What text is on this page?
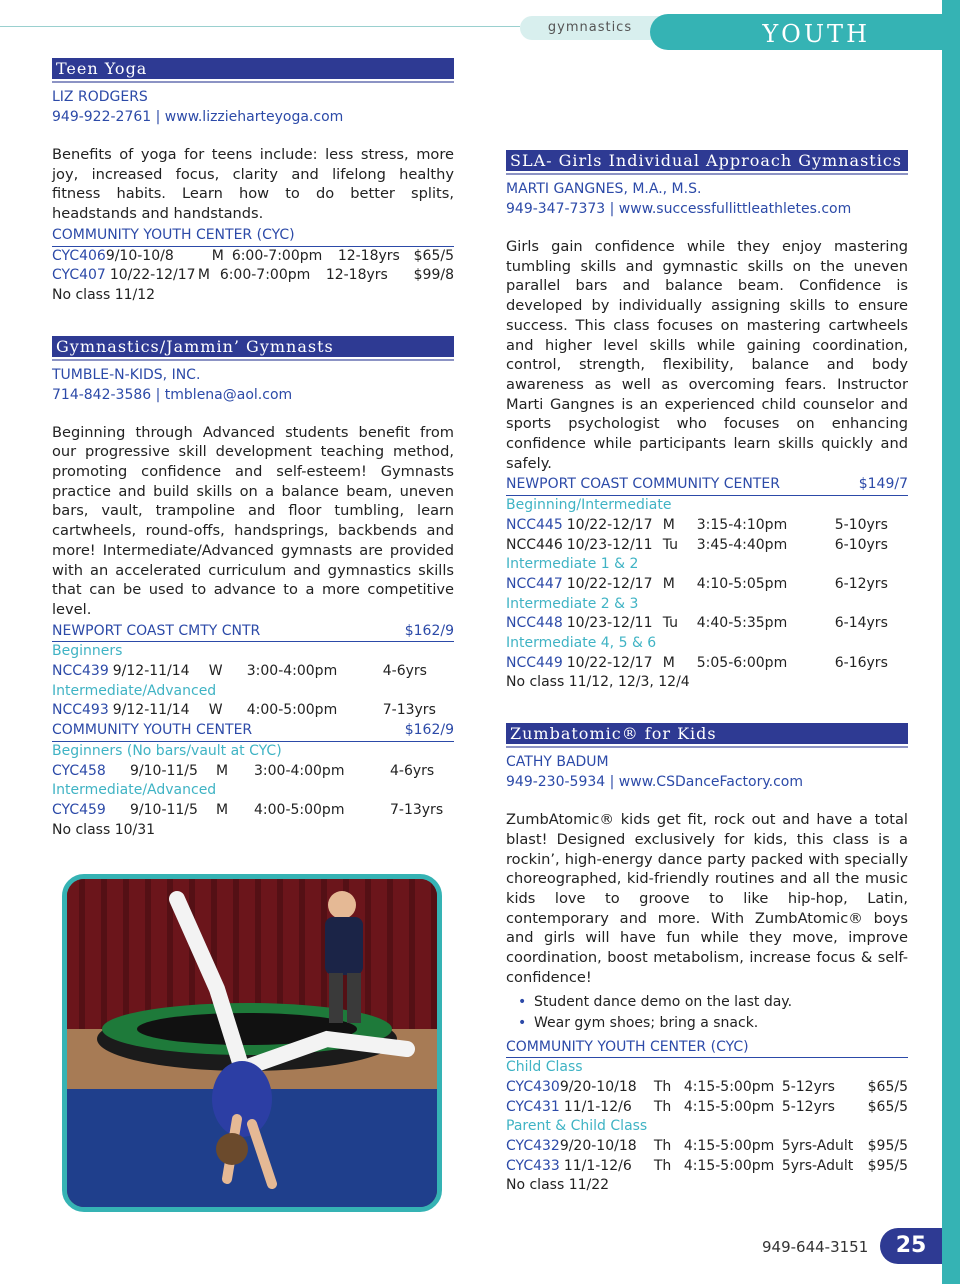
gymnastics	YOUTH
Teen Yoga
LIZ RODGERS
949-922-2761 | www.lizzieharteyoga.com
Benefits of yoga for teens include: less stress, more joy, increased focus, clarity and lifelong healthy fitness habits. Learn how to do better splits, headstands and handstands.
COMMUNITY YOUTH CENTER (CYC)
CYC406 9/10-10/8	M 6:00-7:00pm	12-18yrs $65/5
CYC407 10/22-12/17 M 6:00-7:00pm	12-18yrs	$99/8
No class 11/12
Gymnastics/Jammin’ Gymnasts
TUMBLE-N-KIDS, INC.
714-842-3586 | tmblena@aol.com
Beginning through Advanced students benefit from our progressive skill development teaching method, promoting confidence and self-esteem! Gymnasts practice and build skills on a balance beam, uneven bars, vault, trampoline and floor tumbling, learn cartwheels, round-offs, handsprings, backbends and more! Intermediate/Advanced gymnasts are provided with an accelerated curriculum and gymnastics skills that can be used to advance to a more competitive level.
NEWPORT COAST CMTY CNTR	$162/9
Beginners
NCC439 9/12-11/14	W	3:00-4:00pm	4-6yrs
Intermediate/Advanced
NCC493 9/12-11/14	W	4:00-5:00pm	7-13yrs
COMMUNITY YOUTH CENTER	$162/9
Beginners (No bars/vault at CYC)
CYC458	9/10-11/5	M	3:00-4:00pm	4-6yrs
Intermediate/Advanced
CYC459	9/10-11/5	M	4:00-5:00pm	7-13yrs
No class 10/31
SLA- Girls Individual Approach Gymnastics
MARTI GANGNES, M.A., M.S.
949-347-7373 | www.successfullittleathletes.com
Girls gain confidence while they enjoy mastering tumbling skills and gymnastic skills on the uneven parallel bars and balance beam. Confidence is developed by individually assigning skills to ensure success. This class focuses on mastering cartwheels and higher level skills while gaining coordination, control, strength, flexibility, balance and body awareness as well as overcoming fears. Instructor Marti Gangnes is an experienced child counselor and sports psychologist who focuses on enhancing confidence while participants learn skills quickly and safely.
NEWPORT COAST COMMUNITY CENTER	$149/7
Beginning/Intermediate
NCC445 10/22-12/17 M	3:15-4:10pm	5-10yrs
NCC446 10/23-12/11 Tu	3:45-4:40pm	6-10yrs
Intermediate 1 & 2
NCC447 10/22-12/17 M	4:10-5:05pm	6-12yrs
Intermediate 2 & 3
NCC448 10/23-12/11 Tu	4:40-5:35pm	6-14yrs
Intermediate 4, 5 & 6
NCC449 10/22-12/17 M	5:05-6:00pm	6-16yrs
No class 11/12, 12/3, 12/4
Zumbatomic® for Kids
CATHY BADUM
949-230-5934 | www.CSDanceFactory.com
ZumbAtomic® kids get fit, rock out and have a total blast! Designed exclusively for kids, this class is a rockin’, high-energy dance party packed with specially choreographed, kid-friendly routines and all the music kids love to groove to like hip-hop, Latin, contemporary and more. With ZumbAtomic® boys and girls will have fun while they move, improve coordination, boost metabolism, increase focus & self-confidence!
• Student dance demo on the last day.
• Wear gym shoes; bring a snack.
COMMUNITY YOUTH CENTER (CYC)
Child Class
CYC430 9/20-10/18	Th 4:15-5:00pm 5-12yrs	$65/5
CYC431 11/1-12/6	Th 4:15-5:00pm 5-12yrs	$65/5
Parent & Child Class
CYC432 9/20-10/18	Th 4:15-5:00pm 5yrs-Adult	$95/5
CYC433 11/1-12/6	Th 4:15-5:00pm 5yrs-Adult	$95/5
No class 11/22
949-644-3151	25
